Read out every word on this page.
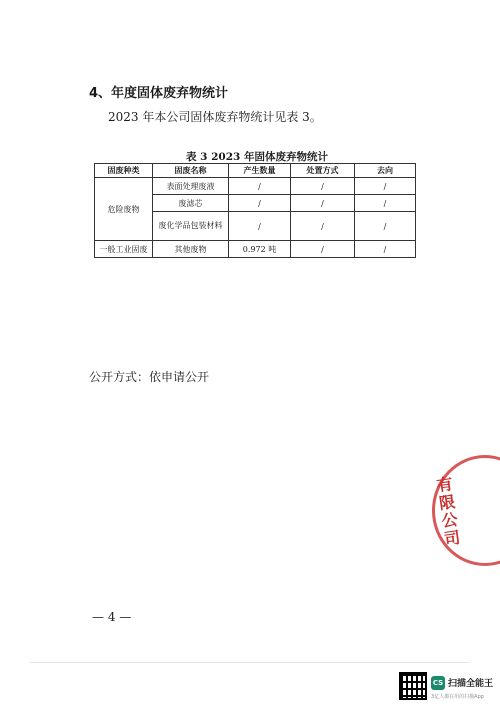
4、年度固体废弃物统计
2023 年本公司固体废弃物统计见表 3。
表 3 2023 年固体废弃物统计
固废种类	固废名称	产生数量	处置方式	去向
危险废物	表面处理废液	/	/	/
	废滤芯	/	/	/
	废化学品包装材料	/	/	/
一般工业固废	其他废物	0.972 吨	/	/
公开方式：依申请公开
有限公司
— 4 —
CS 扫描全能王
3亿人都在用的扫描App
